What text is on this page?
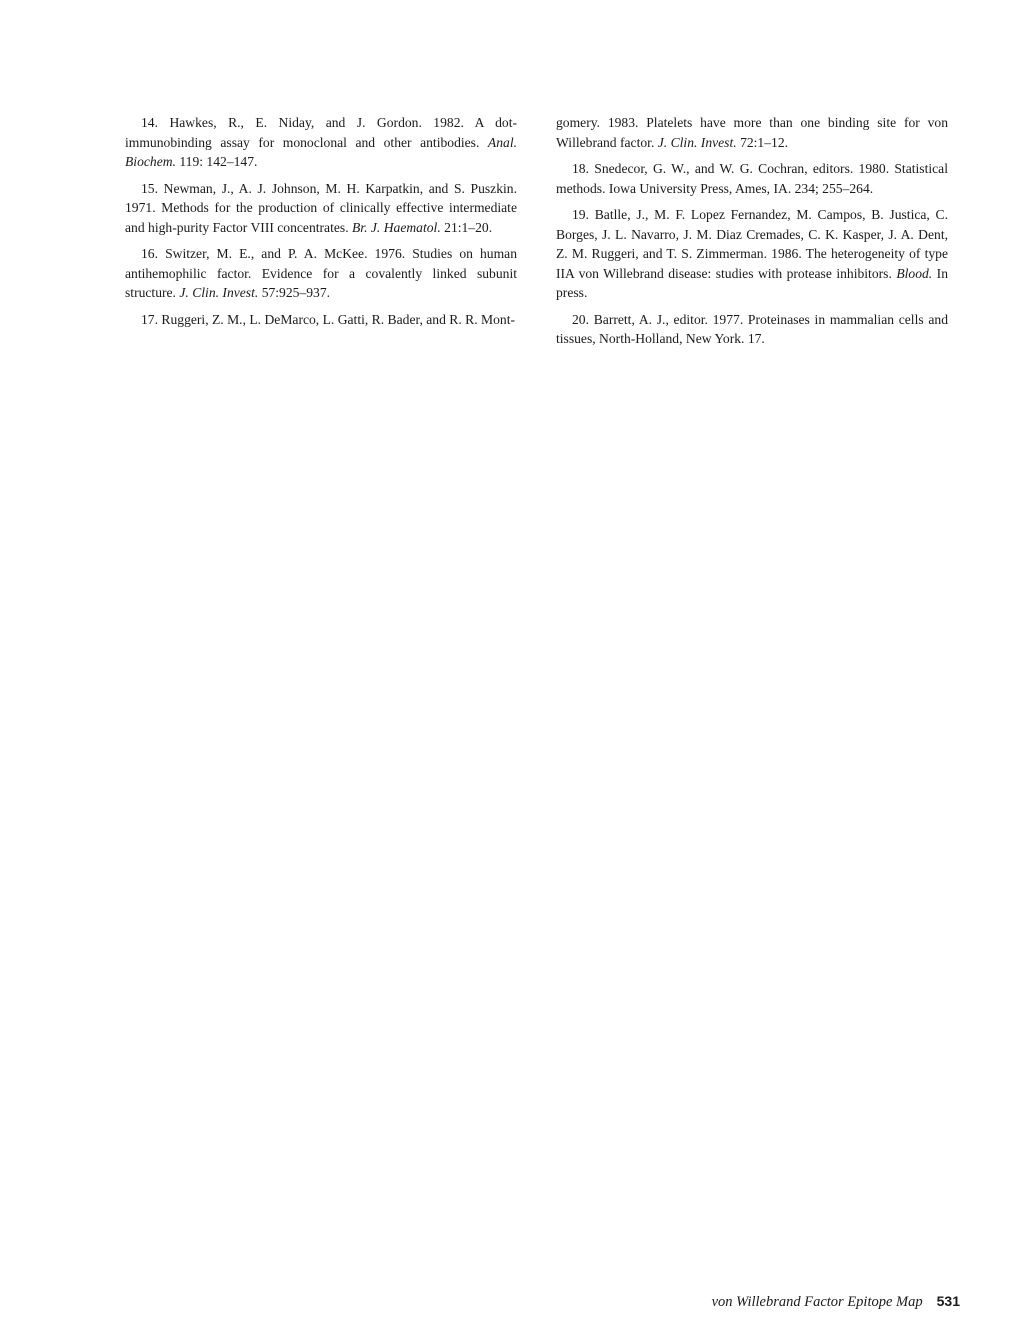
14. Hawkes, R., E. Niday, and J. Gordon. 1982. A dot-immunobinding assay for monoclonal and other antibodies. Anal. Biochem. 119: 142–147.

15. Newman, J., A. J. Johnson, M. H. Karpatkin, and S. Puszkin. 1971. Methods for the production of clinically effective intermediate and high-purity Factor VIII concentrates. Br. J. Haematol. 21:1–20.

16. Switzer, M. E., and P. A. McKee. 1976. Studies on human antihemophilic factor. Evidence for a covalently linked subunit structure. J. Clin. Invest. 57:925–937.

17. Ruggeri, Z. M., L. DeMarco, L. Gatti, R. Bader, and R. R. Mont-

gomery. 1983. Platelets have more than one binding site for von Willebrand factor. J. Clin. Invest. 72:1–12.

18. Snedecor, G. W., and W. G. Cochran, editors. 1980. Statistical methods. Iowa University Press, Ames, IA. 234; 255–264.

19. Batlle, J., M. F. Lopez Fernandez, M. Campos, B. Justica, C. Borges, J. L. Navarro, J. M. Diaz Cremades, C. K. Kasper, J. A. Dent, Z. M. Ruggeri, and T. S. Zimmerman. 1986. The heterogeneity of type IIA von Willebrand disease: studies with protease inhibitors. Blood. In press.

20. Barrett, A. J., editor. 1977. Proteinases in mammalian cells and tissues, North-Holland, New York. 17.

von Willebrand Factor Epitope Map 531
